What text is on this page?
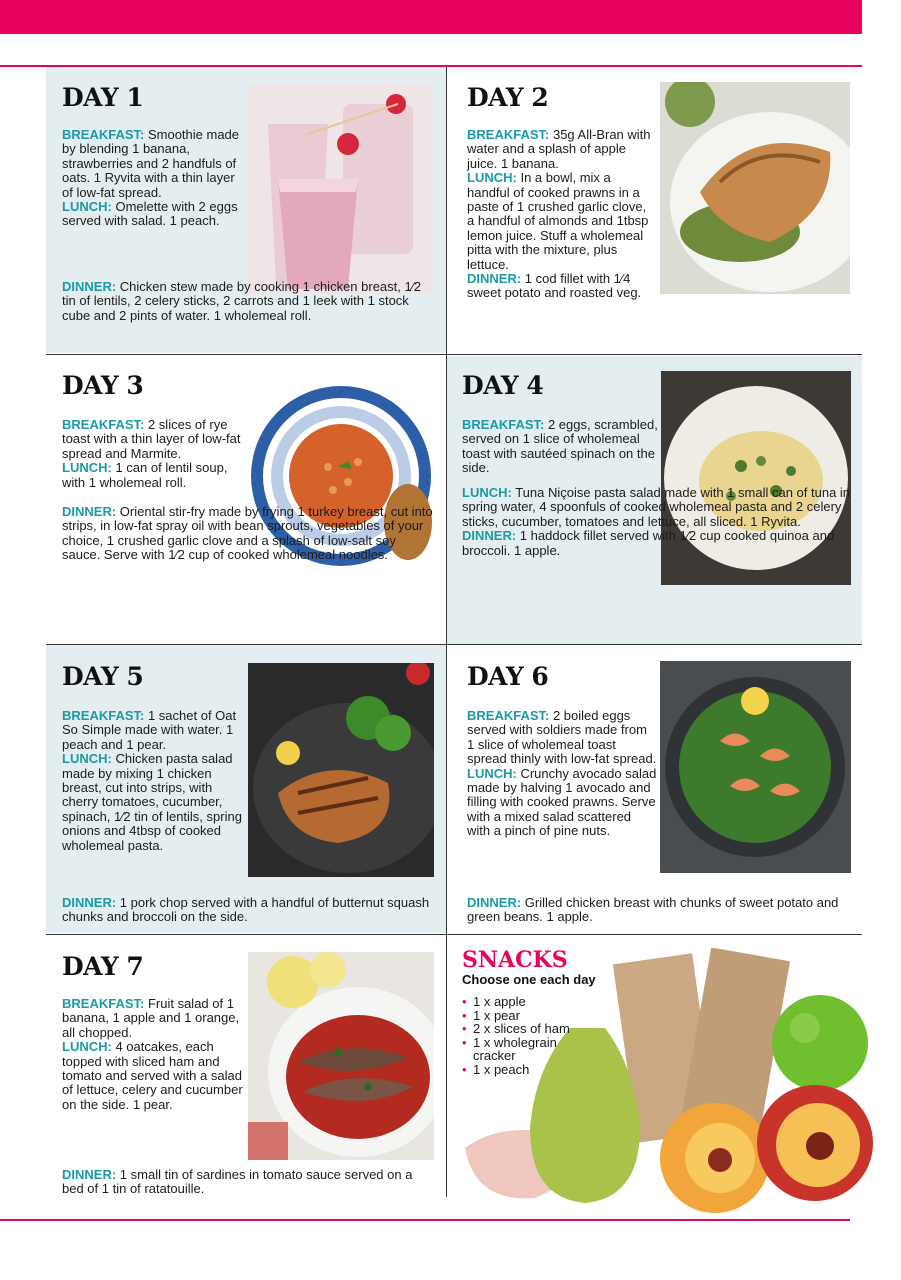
DAY 1

BREAKFAST: Smoothie made by blending 1 banana, strawberries and 2 handfuls of oats. 1 Ryvita with a thin layer of low-fat spread.

LUNCH: Omelette with 2 eggs served with salad. 1 peach.

DINNER: Chicken stew made by cooking 1 chicken breast, 1⁄2 tin of lentils, 2 celery sticks, 2 carrots and 1 leek with 1 stock cube and 2 pints of water. 1 wholemeal roll.

DAY 2

BREAKFAST: 35g All-Bran with water and a splash of apple juice. 1 banana.

LUNCH: In a bowl, mix a handful of cooked prawns in a paste of 1 crushed garlic clove, a handful of almonds and 1tbsp lemon juice. Stuff a wholemeal pitta with the mixture, plus lettuce.

DINNER: 1 cod fillet with 1⁄4 sweet potato and roasted veg.

DAY 3

BREAKFAST: 2 slices of rye toast with a thin layer of low-fat spread and Marmite.

LUNCH: 1 can of lentil soup, with 1 wholemeal roll.

DINNER: Oriental stir-fry made by frying 1 turkey breast, cut into strips, in low-fat spray oil with bean sprouts, vegetables of your choice, 1 crushed garlic clove and a splash of low-salt soy sauce. Serve with 1⁄2 cup of cooked wholemeal noodles.

DAY 4

BREAKFAST: 2 eggs, scrambled, served on 1 slice of wholemeal toast with sautéed spinach on the side.

LUNCH: Tuna Niçoise pasta salad made with 1 small can of tuna in spring water, 4 spoonfuls of cooked wholemeal pasta and 2 celery sticks, cucumber, tomatoes and lettuce, all sliced. 1 Ryvita.

DINNER: 1 haddock fillet served with 1⁄2 cup cooked quinoa and broccoli. 1 apple.

DAY 5

BREAKFAST: 1 sachet of Oat So Simple made with water. 1 peach and 1 pear.

LUNCH: Chicken pasta salad made by mixing 1 chicken breast, cut into strips, with cherry tomatoes, cucumber, spinach, 1⁄2 tin of lentils, spring onions and 4tbsp of cooked wholemeal pasta.

DINNER: 1 pork chop served with a handful of butternut squash chunks and broccoli on the side.

DAY 6

BREAKFAST: 2 boiled eggs served with soldiers made from 1 slice of wholemeal toast spread thinly with low-fat spread.

LUNCH: Crunchy avocado salad made by halving 1 avocado and filling with cooked prawns. Serve with a mixed salad scattered with a pinch of pine nuts.

DINNER: Grilled chicken breast with chunks of sweet potato and green beans. 1 apple.

DAY 7

BREAKFAST: Fruit salad of 1 banana, 1 apple and 1 orange, all chopped.

LUNCH: 4 oatcakes, each topped with sliced ham and tomato and served with a salad of lettuce, celery and cucumber on the side. 1 pear.

DINNER: 1 small tin of sardines in tomato sauce served on a bed of 1 tin of ratatouille.

SNACKS
Choose one each day
• 1 x apple
• 1 x pear
• 2 x slices of ham
• 1 x wholegrain cracker
• 1 x peach
